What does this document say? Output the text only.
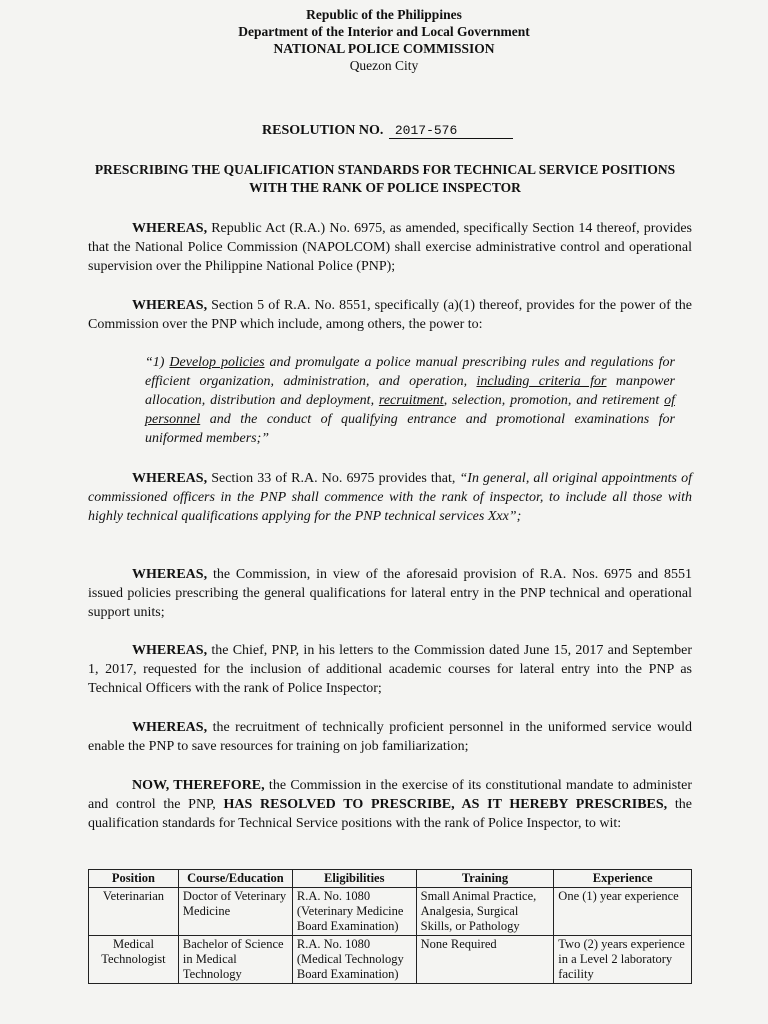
Republic of the Philippines
Department of the Interior and Local Government
NATIONAL POLICE COMMISSION
Quezon City
RESOLUTION NO. 2017-576
PRESCRIBING THE QUALIFICATION STANDARDS FOR TECHNICAL SERVICE POSITIONS
WITH THE RANK OF POLICE INSPECTOR

WHEREAS, Republic Act (R.A.) No. 6975, as amended, specifically Section 14 thereof, provides that the National Police Commission (NAPOLCOM) shall exercise administrative control and operational supervision over the Philippine National Police (PNP);

WHEREAS, Section 5 of R.A. No. 8551, specifically (a)(1) thereof, provides for the power of the Commission over the PNP which include, among others, the power to:

“1) Develop policies and promulgate a police manual prescribing rules and regulations for efficient organization, administration, and operation, including criteria for manpower allocation, distribution and deployment, recruitment, selection, promotion, and retirement of personnel and the conduct of qualifying entrance and promotional examinations for uniformed members;”

WHEREAS, Section 33 of R.A. No. 6975 provides that, “In general, all original appointments of commissioned officers in the PNP shall commence with the rank of inspector, to include all those with highly technical qualifications applying for the PNP technical services Xxx”;

WHEREAS, the Commission, in view of the aforesaid provision of R.A. Nos. 6975 and 8551 issued policies prescribing the general qualifications for lateral entry in the PNP technical and operational support units;

WHEREAS, the Chief, PNP, in his letters to the Commission dated June 15, 2017 and September 1, 2017, requested for the inclusion of additional academic courses for lateral entry into the PNP as Technical Officers with the rank of Police Inspector;

WHEREAS, the recruitment of technically proficient personnel in the uniformed service would enable the PNP to save resources for training on job familiarization;

NOW, THEREFORE, the Commission in the exercise of its constitutional mandate to administer and control the PNP, HAS RESOLVED TO PRESCRIBE, AS IT HEREBY PRESCRIBES, the qualification standards for Technical Service positions with the rank of Police Inspector, to wit:

Position	Course/Education	Eligibilities	Training	Experience
Veterinarian	Doctor of Veterinary Medicine	R.A. No. 1080 (Veterinary Medicine Board Examination)	Small Animal Practice, Analgesia, Surgical Skills, or Pathology	One (1) year experience
Medical Technologist	Bachelor of Science in Medical Technology	R.A. No. 1080 (Medical Technology Board Examination)	None Required	Two (2) years experience in a Level 2 laboratory facility
